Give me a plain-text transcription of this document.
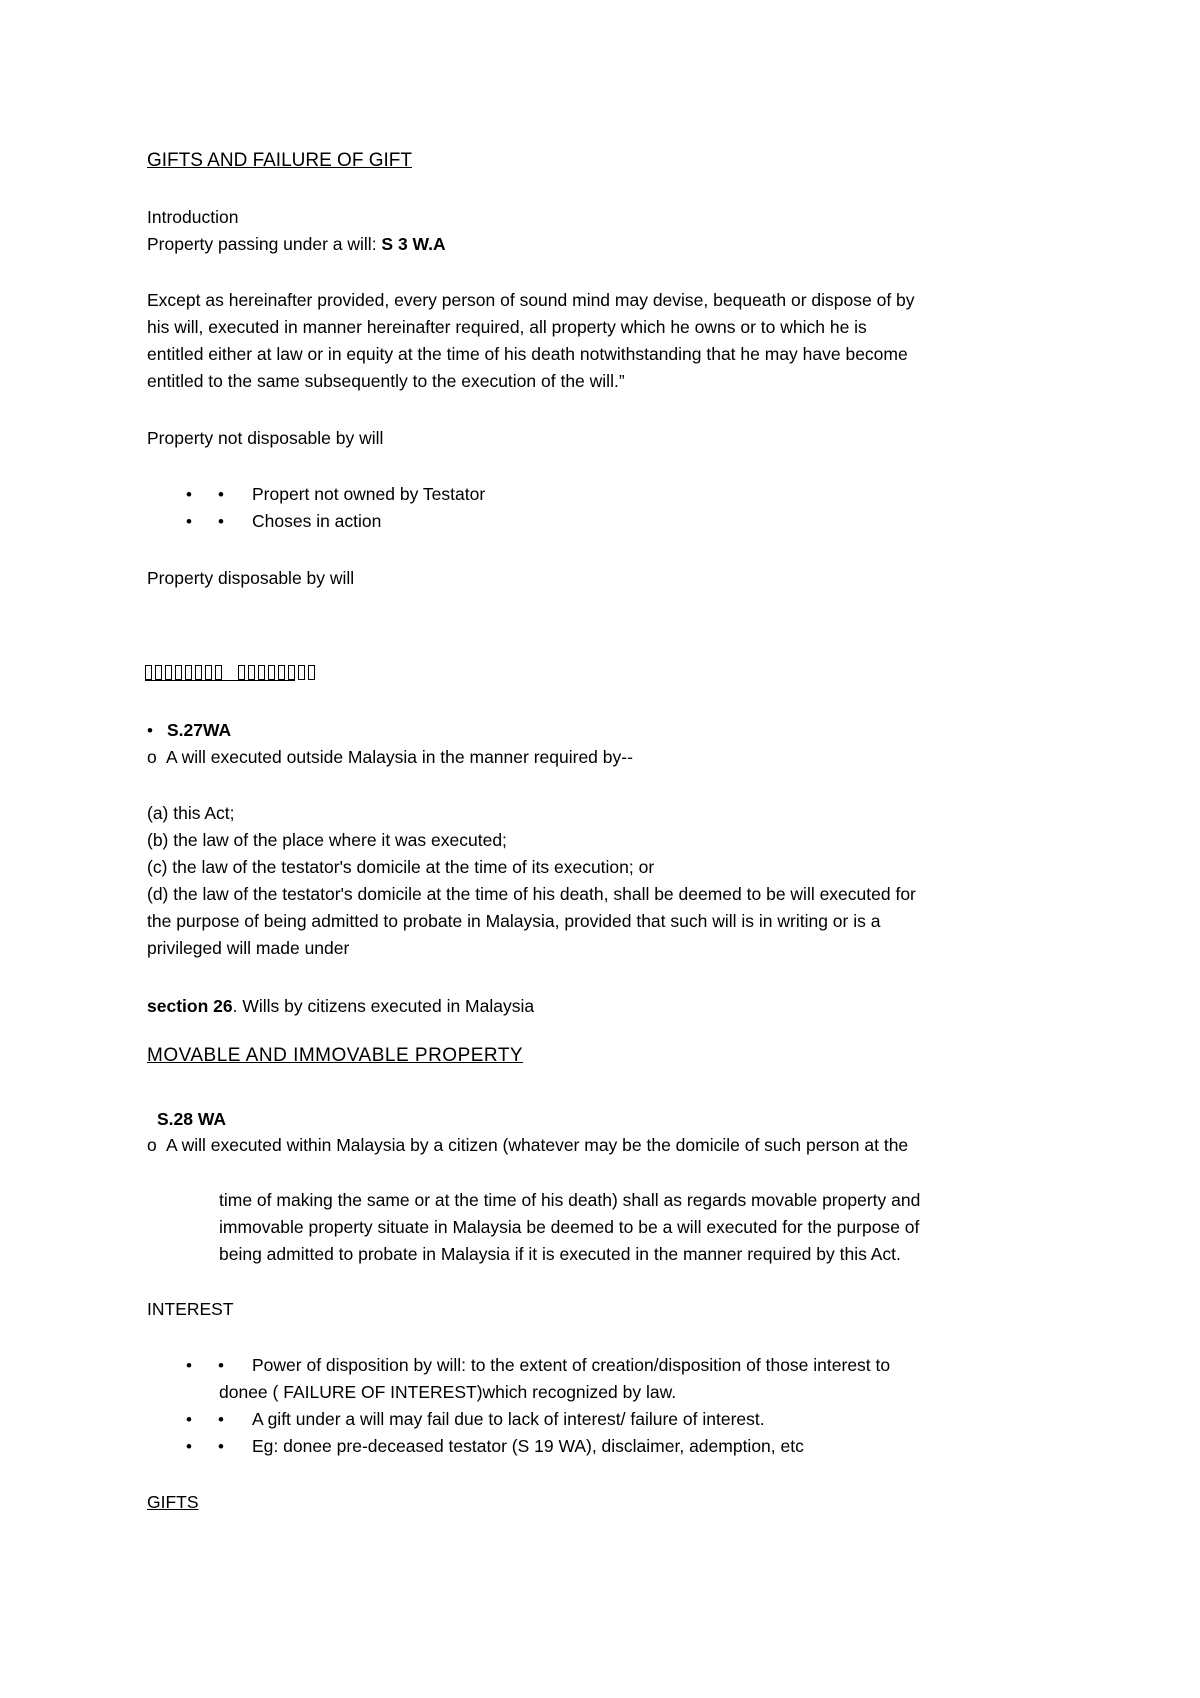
GIFTS AND FAILURE OF GIFT
Introduction
Property passing under a will: S 3 W.A
Except as hereinafter provided, every person of sound mind may devise, bequeath or dispose of by
his will, executed in manner hereinafter required, all property which he owns or to which he is
entitled either at law or in equity at the time of his death notwithstanding that he may have become
entitled to the same subsequently to the execution of the will.”
Property not disposable by will
• • Propert not owned by Testator
• • Choses in action
Property disposable by will
• S.27WA
o A will executed outside Malaysia in the manner required by--
(a) this Act;
(b) the law of the place where it was executed;
(c) the law of the testator's domicile at the time of its execution; or
(d) the law of the testator's domicile at the time of his death, shall be deemed to be will executed for
the purpose of being admitted to probate in Malaysia, provided that such will is in writing or is a
privileged will made under
section 26. Wills by citizens executed in Malaysia
MOVABLE AND IMMOVABLE PROPERTY
S.28 WA
o A will executed within Malaysia by a citizen (whatever may be the domicile of such person at the
time of making the same or at the time of his death) shall as regards movable property and
immovable property situate in Malaysia be deemed to be a will executed for the purpose of
being admitted to probate in Malaysia if it is executed in the manner required by this Act.
INTEREST
• • Power of disposition by will: to the extent of creation/disposition of those interest to
donee ( FAILURE OF INTEREST)which recognized by law.
• • A gift under a will may fail due to lack of interest/ failure of interest.
• • Eg: donee pre-deceased testator (S 19 WA), disclaimer, ademption, etc
GIFTS
